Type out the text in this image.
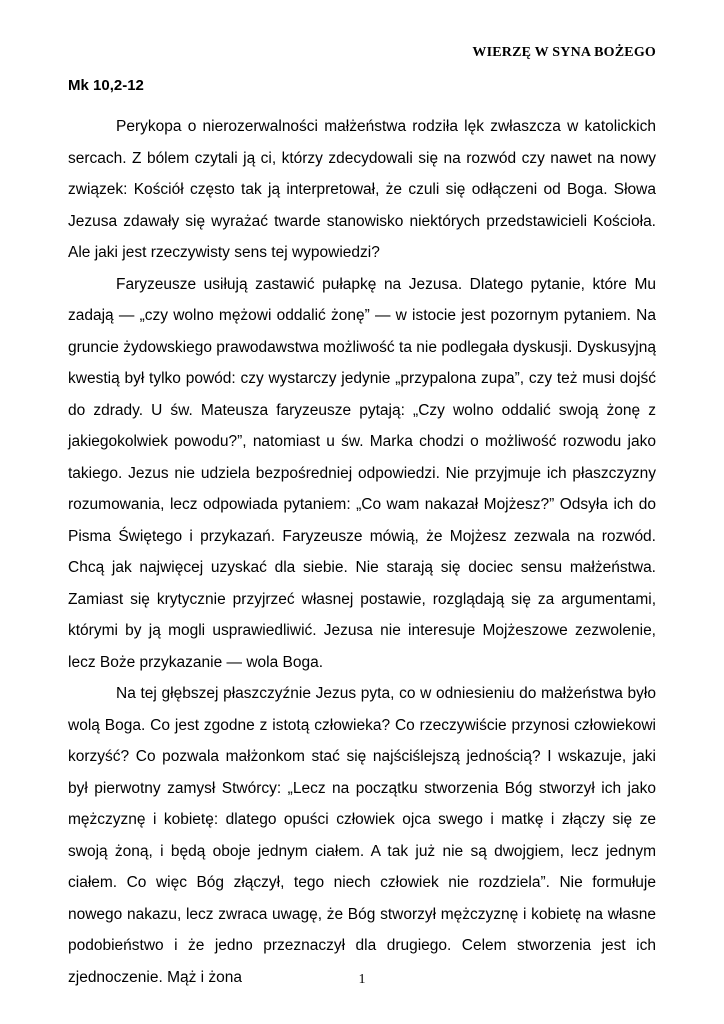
WIERZĘ W SYNA BOŻEGO
Mk 10,2-12

Perykopa o nierozerwalności małżeństwa rodziła lęk zwłaszcza w katolickich sercach. Z bólem czytali ją ci, którzy zdecydowali się na rozwód czy nawet na nowy związek: Kościół często tak ją interpretował, że czuli się odłączeni od Boga. Słowa Jezusa zdawały się wyrażać twarde stanowisko niektórych przedstawicieli Kościoła. Ale jaki jest rzeczywisty sens tej wypowiedzi?

Faryzeusze usiłują zastawić pułapkę na Jezusa. Dlatego pytanie, które Mu zadają — „czy wolno mężowi oddalić żonę” — w istocie jest pozornym pytaniem. Na gruncie żydowskiego prawodawstwa możliwość ta nie podlegała dyskusji. Dyskusyjną kwestią był tylko powód: czy wystarczy jedynie „przypalona zupa”, czy też musi dojść do zdrady. U św. Mateusza faryzeusze pytają: „Czy wolno oddalić swoją żonę z jakiegokolwiek powodu?”, natomiast u św. Marka chodzi o możliwość rozwodu jako takiego. Jezus nie udziela bezpośredniej odpowiedzi. Nie przyjmuje ich płaszczyzny rozumowania, lecz odpowiada pytaniem: „Co wam nakazał Mojżesz?” Odsyła ich do Pisma Świętego i przykazań. Faryzeusze mówią, że Mojżesz zezwala na rozwód. Chcą jak najwięcej uzyskać dla siebie. Nie starają się dociec sensu małżeństwa. Zamiast się krytycznie przyjrzeć własnej postawie, rozglądają się za argumentami, którymi by ją mogli usprawiedliwić. Jezusa nie interesuje Mojżeszowe zezwolenie, lecz Boże przykazanie — wola Boga.

Na tej głębszej płaszczyźnie Jezus pyta, co w odniesieniu do małżeństwa było wolą Boga. Co jest zgodne z istotą człowieka? Co rzeczywiście przynosi człowiekowi korzyść? Co pozwala małżonkom stać się najściślejszą jednością? I wskazuje, jaki był pierwotny zamysł Stwórcy: „Lecz na początku stworzenia Bóg stworzył ich jako mężczyznę i kobietę: dlatego opuści człowiek ojca swego i matkę i złączy się ze swoją żoną, i będą oboje jednym ciałem. A tak już nie są dwojgiem, lecz jednym ciałem. Co więc Bóg złączył, tego niech człowiek nie rozdziela”. Nie formułuje nowego nakazu, lecz zwraca uwagę, że Bóg stworzył mężczyznę i kobietę na własne podobieństwo i że jedno przeznaczył dla drugiego. Celem stworzenia jest ich zjednoczenie. Mąż i żona	1
